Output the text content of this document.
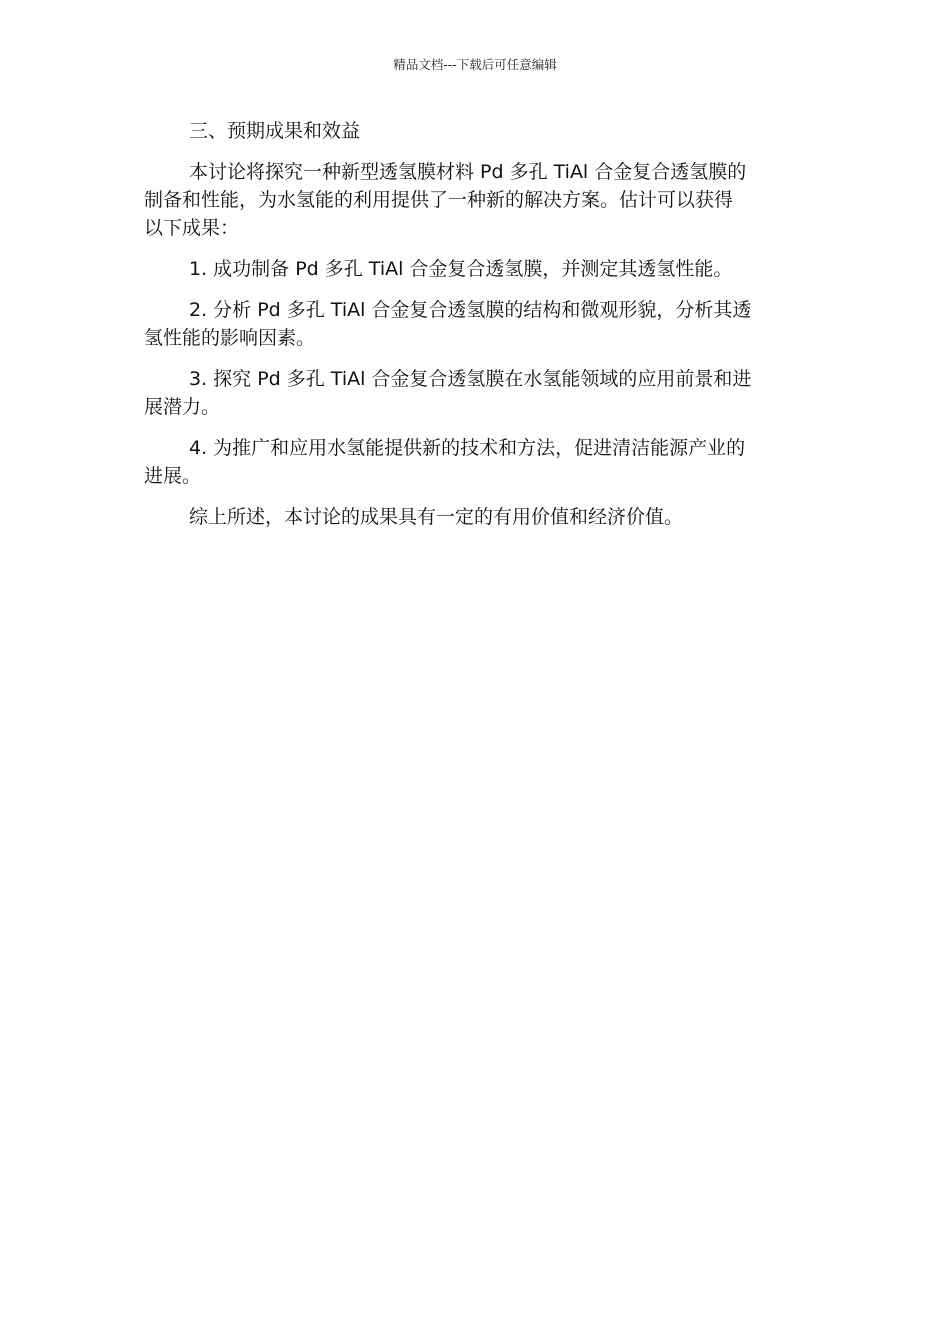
精品文档---下载后可任意编辑

三、预期成果和效益

本讨论将探究一种新型透氢膜材料 Pd 多孔 TiAl 合金复合透氢膜的
制备和性能，为水氢能的利用提供了一种新的解决方案。估计可以获得
以下成果：

1. 成功制备 Pd 多孔 TiAl 合金复合透氢膜，并测定其透氢性能。

2. 分析 Pd 多孔 TiAl 合金复合透氢膜的结构和微观形貌，分析其透
氢性能的影响因素。

3. 探究 Pd 多孔 TiAl 合金复合透氢膜在水氢能领域的应用前景和进
展潜力。

4. 为推广和应用水氢能提供新的技术和方法，促进清洁能源产业的
进展。

综上所述，本讨论的成果具有一定的有用价值和经济价值。
